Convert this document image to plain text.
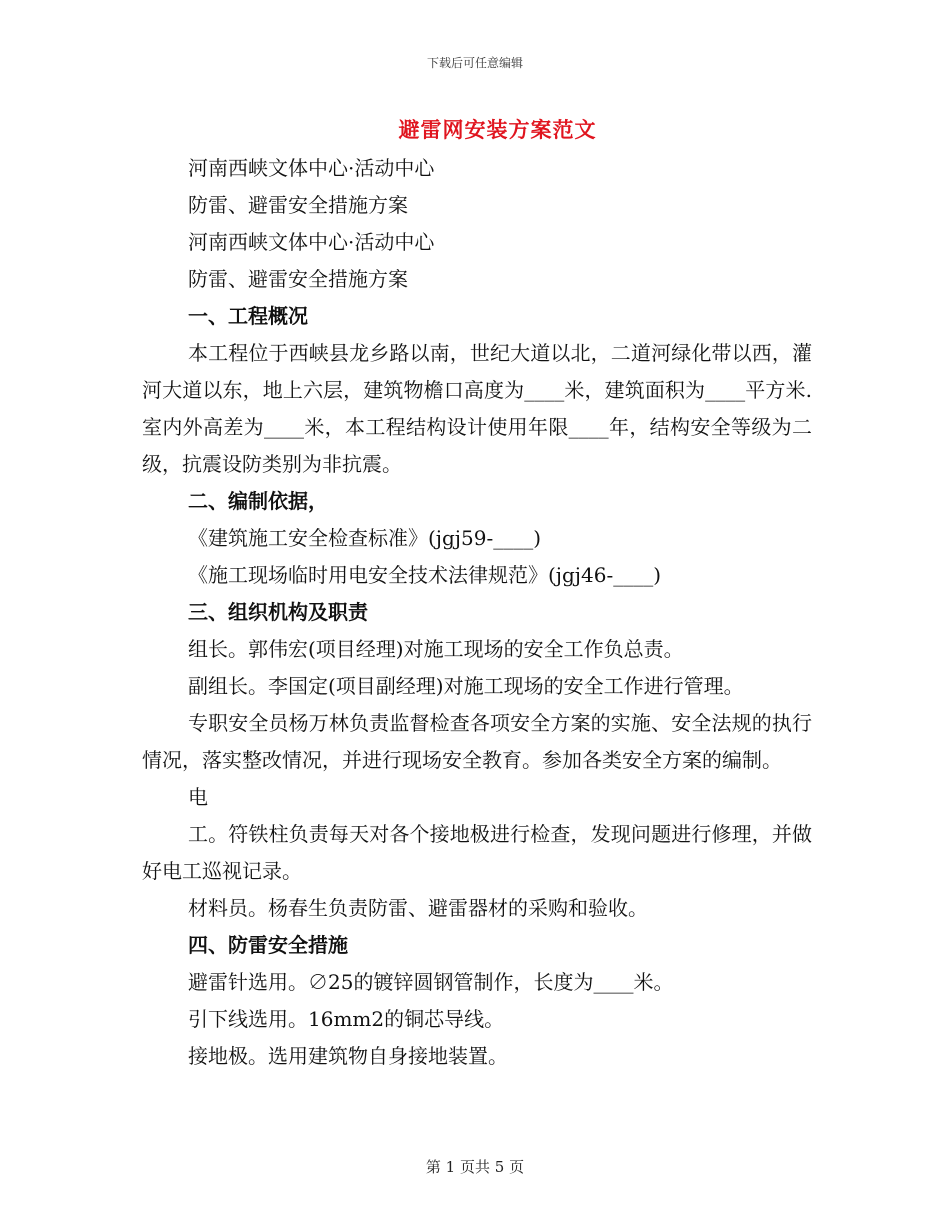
下载后可任意编辑
避雷网安装方案范文

河南西峡文体中心·活动中心

防雷、避雷安全措施方案

河南西峡文体中心·活动中心

防雷、避雷安全措施方案

一、工程概况

本工程位于西峡县龙乡路以南，世纪大道以北，二道河绿化带以西，灌河大道以东，地上六层，建筑物檐口高度为____米，建筑面积为____平方米.室内外高差为____米，本工程结构设计使用年限____年，结构安全等级为二级，抗震设防类别为非抗震。

二、编制依据，

《建筑施工安全检查标准》(jgj59-____)

《施工现场临时用电安全技术法律规范》(jgj46-____)

三、组织机构及职责

组长。郭伟宏(项目经理)对施工现场的安全工作负总责。

副组长。李国定(项目副经理)对施工现场的安全工作进行管理。

专职安全员杨万林负责监督检查各项安全方案的实施、安全法规的执行情况，落实整改情况，并进行现场安全教育。参加各类安全方案的编制。

电

工。符铁柱负责每天对各个接地极进行检查，发现问题进行修理，并做好电工巡视记录。

材料员。杨春生负责防雷、避雷器材的采购和验收。

四、防雷安全措施

避雷针选用。∅25的镀锌圆钢管制作，长度为____米。

引下线选用。16mm2的铜芯导线。

接地极。选用建筑物自身接地装置。

第 1 页共 5 页
